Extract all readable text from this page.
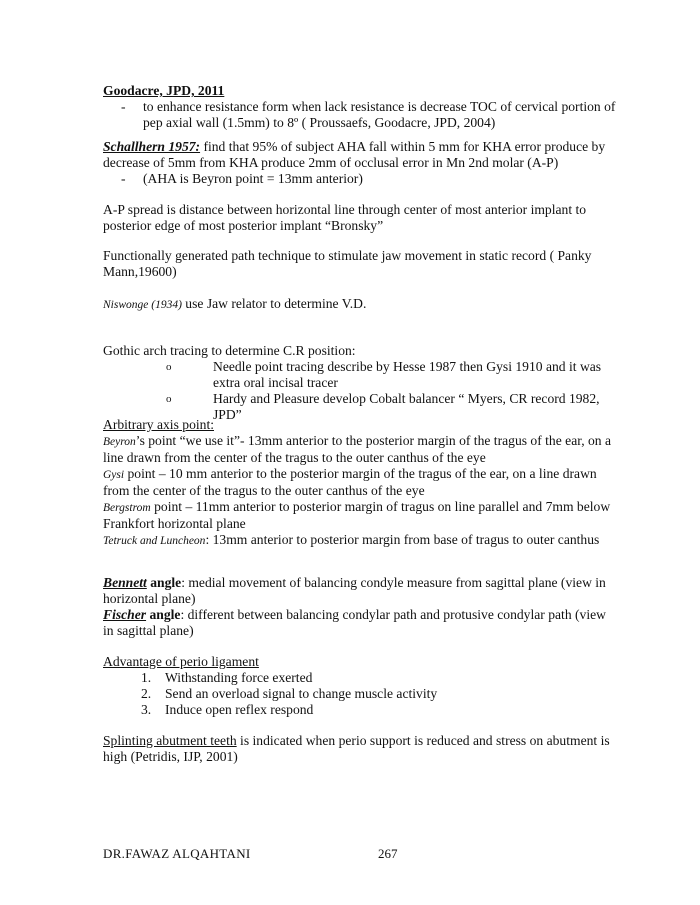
Goodacre, JPD, 2011
- to enhance resistance form when lack resistance is decrease TOC of cervical portion of pep axial wall (1.5mm) to 8º ( Proussaefs, Goodacre, JPD, 2004)
Schallhern 1957: find that 95% of subject AHA fall within 5 mm for KHA error produce by decrease of 5mm from KHA produce 2mm of occlusal error in Mn 2nd molar (A-P)
- (AHA is Beyron point = 13mm anterior)
A-P spread is distance between horizontal line through center of most anterior implant to posterior edge of most posterior implant “Bronsky”
Functionally generated path technique to stimulate jaw movement in static record ( Panky Mann,19600)
Niswonge (1934) use Jaw relator to determine V.D.
Gothic arch tracing to determine C.R position:
o	Needle point tracing describe by Hesse 1987 then Gysi 1910 and it was extra oral incisal tracer
o	Hardy and Pleasure develop Cobalt balancer “ Myers, CR record 1982, JPD”
Arbitrary axis point:
Beyron’s point “we use it”- 13mm anterior to the posterior margin of the tragus of the ear, on a line drawn from the center of the tragus to the outer canthus of the eye
Gysi point – 10 mm anterior to the posterior margin of the tragus of the ear, on a line drawn from the center of the tragus to the outer canthus of the eye
Bergstrom point – 11mm anterior to posterior margin of tragus on line parallel and 7mm below Frankfort horizontal plane
Tetruck and Luncheon: 13mm anterior to posterior margin from base of tragus to outer canthus
Bennett angle: medial movement of balancing condyle measure from sagittal plane (view in horizontal plane)
Fischer angle: different between balancing condylar path and protusive condylar path (view in sagittal plane)
Advantage of perio ligament
1. Withstanding force exerted
2. Send an overload signal to change muscle activity
3. Induce open reflex respond
Splinting abutment teeth is indicated when perio support is reduced and stress on abutment is high (Petridis, IJP, 2001)
DR.FAWAZ ALQAHTANI	267
